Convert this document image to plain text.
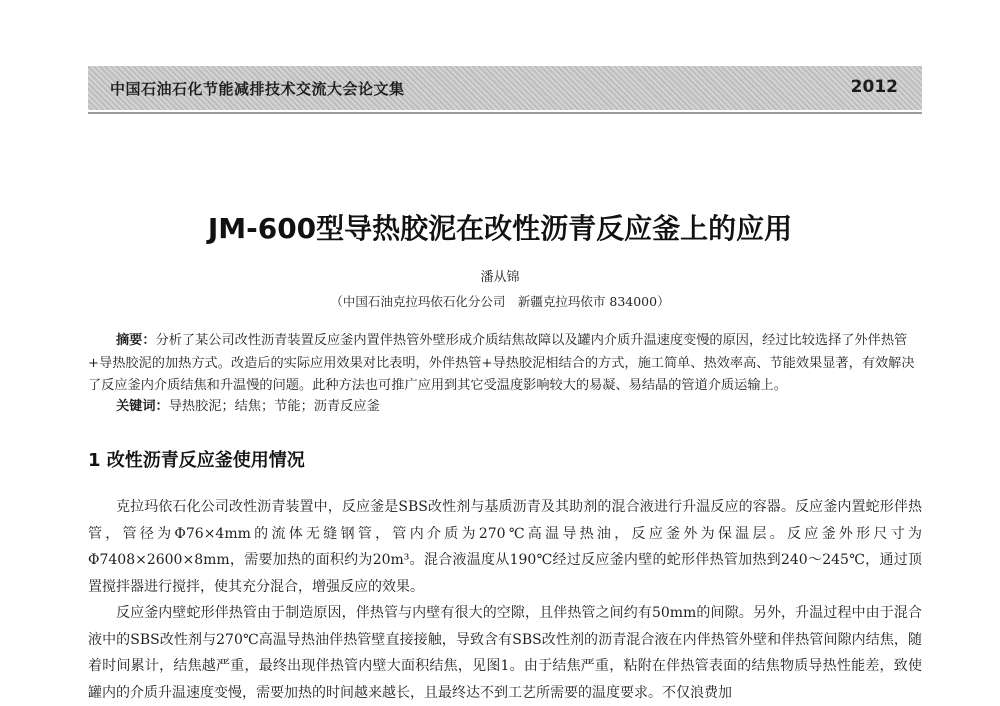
中国石油石化节能减排技术交流大会论文集	2012
JM-600型导热胶泥在改性沥青反应釜上的应用
潘从锦
（中国石油克拉玛依石化分公司　新疆克拉玛依市 834000）
摘要：分析了某公司改性沥青装置反应釜内置伴热管外壁形成介质结焦故障以及罐内介质升温速度变慢的原因，经过比较选择了外伴热管+导热胶泥的加热方式。改造后的实际应用效果对比表明，外伴热管+导热胶泥相结合的方式，施工简单、热效率高、节能效果显著，有效解决了反应釜内介质结焦和升温慢的问题。此种方法也可推广应用到其它受温度影响较大的易凝、易结晶的管道介质运输上。
关键词：导热胶泥；结焦；节能；沥青反应釜
1 改性沥青反应釜使用情况
克拉玛依石化公司改性沥青装置中，反应釜是SBS改性剂与基质沥青及其助剂的混合液进行升温反应的容器。反应釜内置蛇形伴热管，管径为Φ76×4mm的流体无缝钢管，管内介质为270℃高温导热油，反应釜外为保温层。反应釜外形尺寸为Φ7408×2600×8mm，需要加热的面积约为20m³。混合液温度从190℃经过反应釜内壁的蛇形伴热管加热到240～245℃，通过顶置搅拌器进行搅拌，使其充分混合，增强反应的效果。
反应釜内壁蛇形伴热管由于制造原因，伴热管与内壁有很大的空隙，且伴热管之间约有50mm的间隙。另外，升温过程中由于混合液中的SBS改性剂与270℃高温导热油伴热管壁直接接触，导致含有SBS改性剂的沥青混合液在内伴热管外壁和伴热管间隙内结焦，随着时间累计，结焦越严重，最终出现伴热管内壁大面积结焦，见图1。由于结焦严重，粘附在伴热管表面的结焦物质导热性能差，致使罐内的介质升温速度变慢，需要加热的时间越来越长，且最终达不到工艺所需要的温度要求。不仅浪费加
